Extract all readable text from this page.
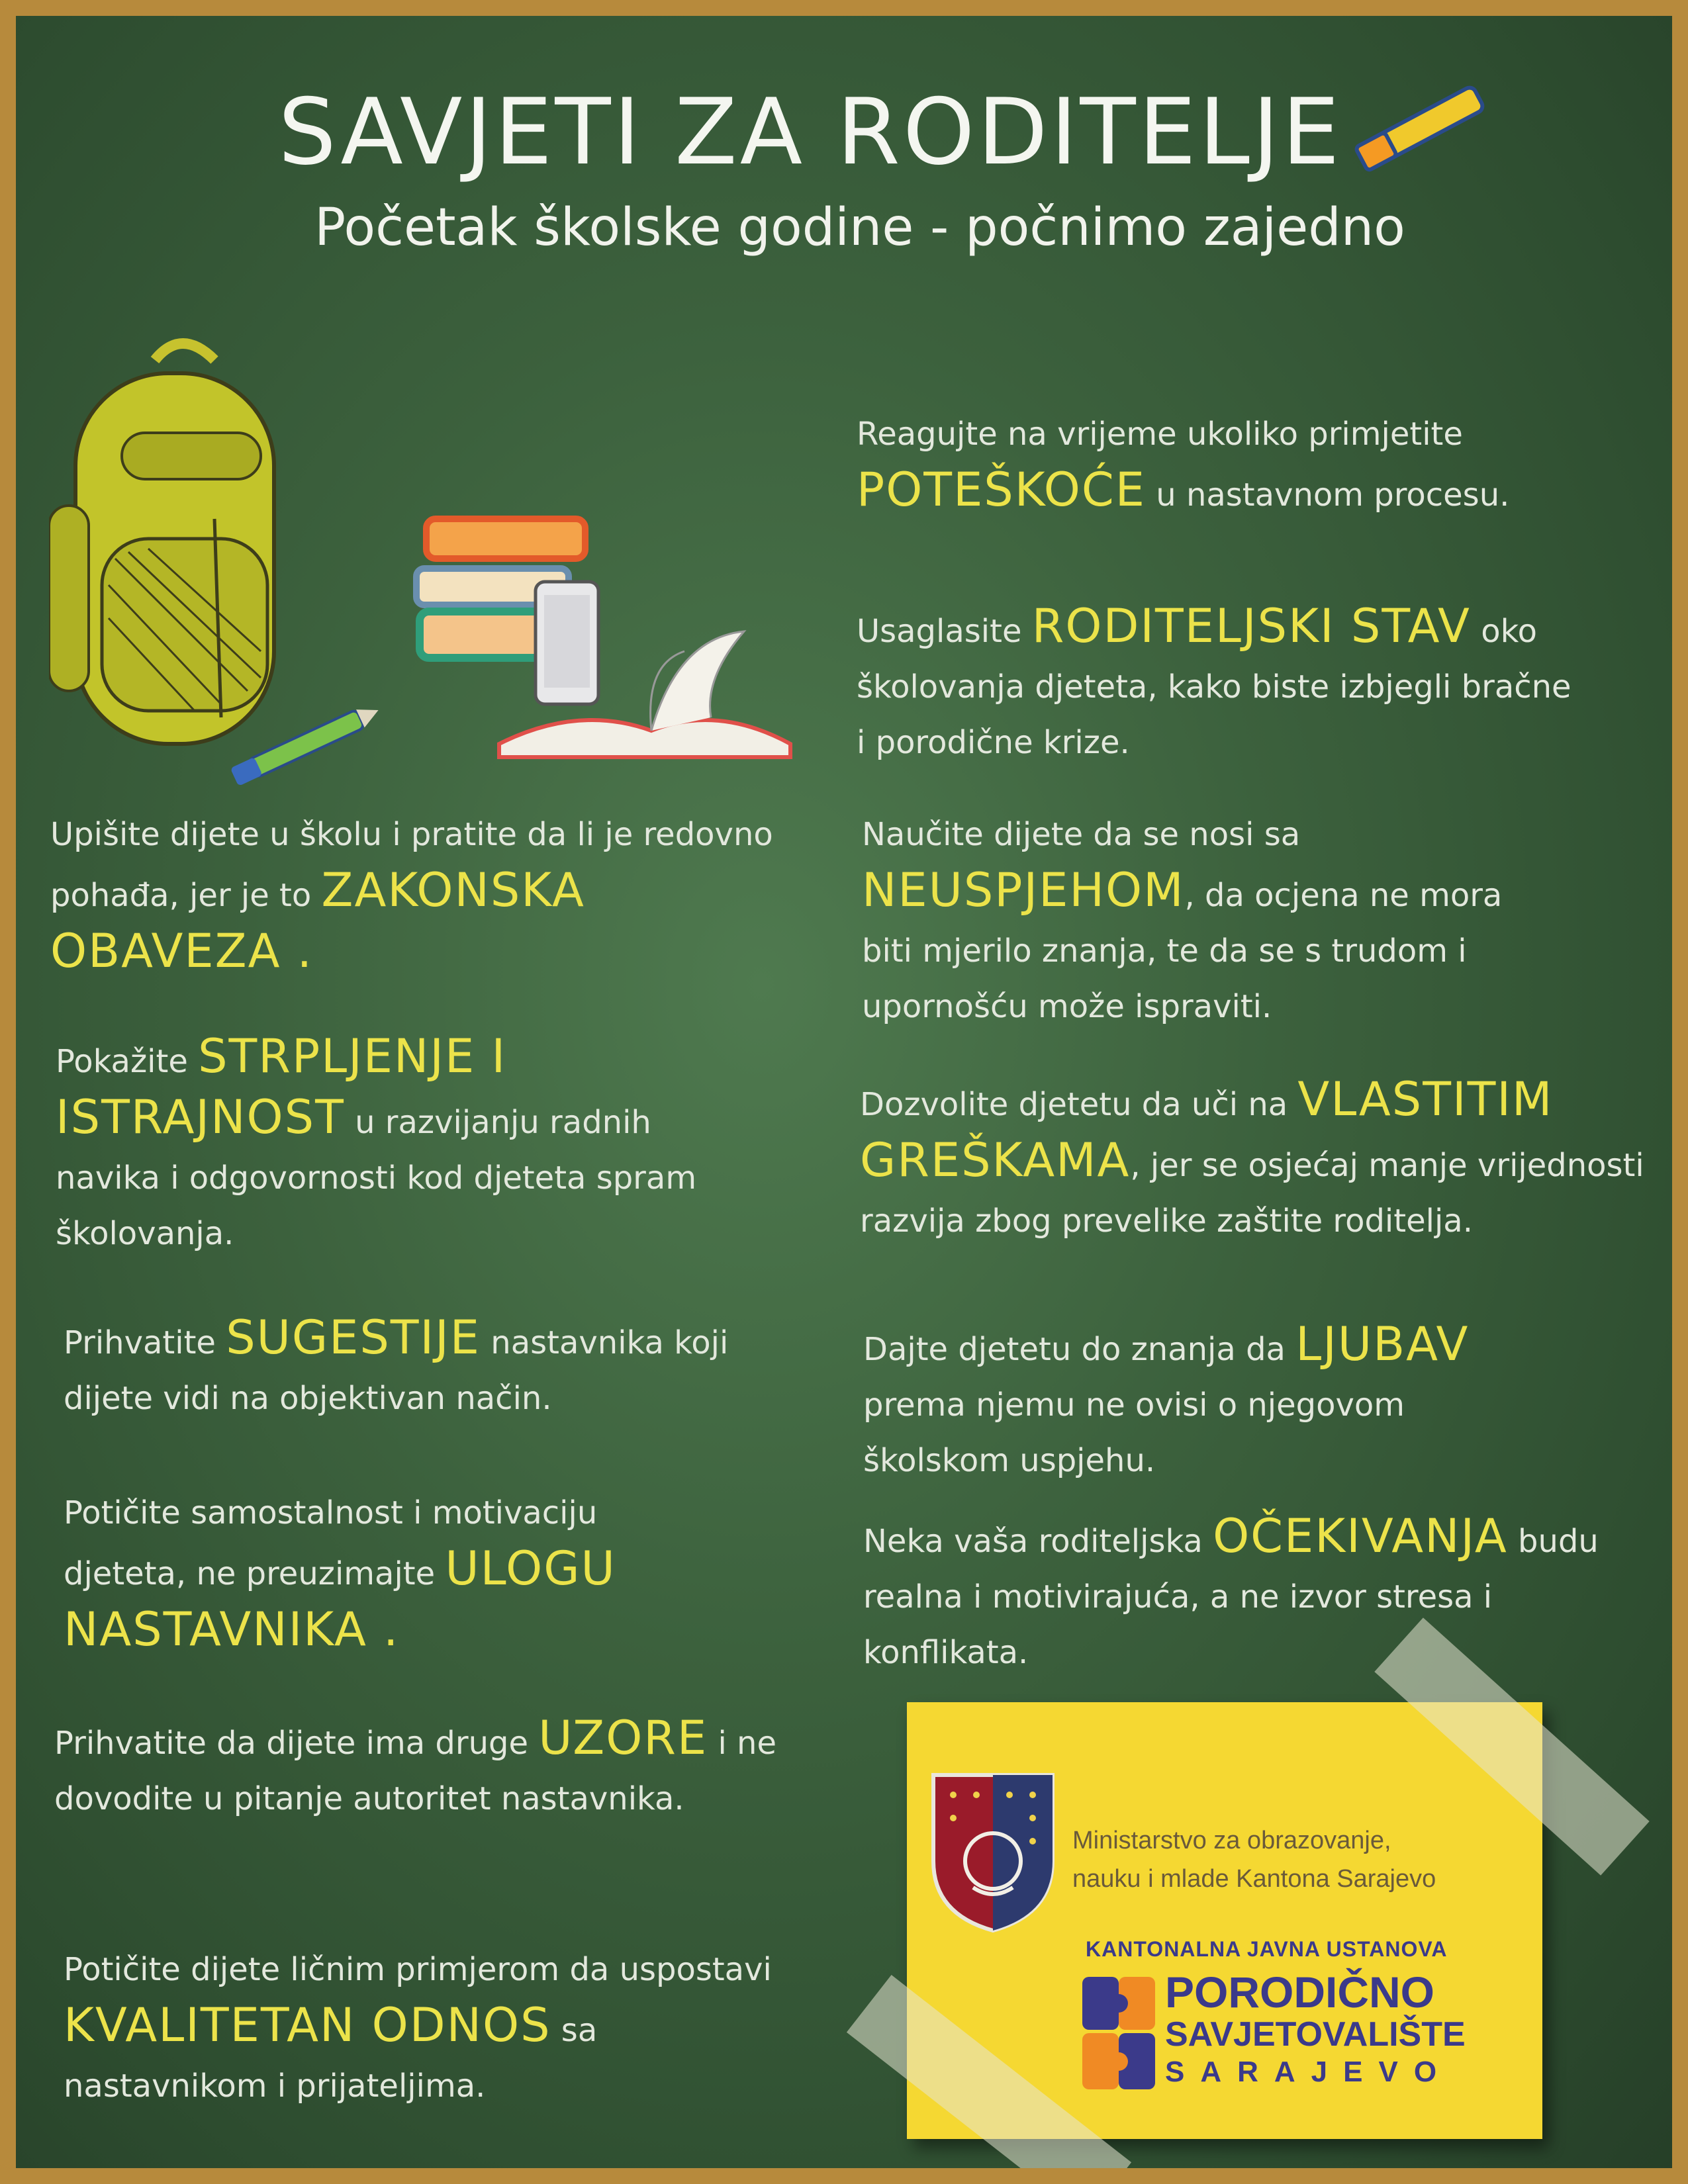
SAVJETI ZA RODITELJE
Početak školske godine - počnimo zajedno
Upišite dijete u školu i pratite da li je redovno pohađa, jer je to ZAKONSKA OBAVEZA .
Pokažite STRPLJENJE I ISTRAJNOST u razvijanju radnih navika i odgovornosti kod djeteta spram školovanja.
Prihvatite SUGESTIJE nastavnika koji dijete vidi na objektivan način.
Potičite samostalnost i motivaciju djeteta, ne preuzimajte ULOGU NASTAVNIKA .
Prihvatite da dijete ima druge UZORE i ne dovodite u pitanje autoritet nastavnika.
Potičite dijete ličnim primjerom da uspostavi KVALITETAN ODNOS sa nastavnikom i prijateljima.
Reagujte na vrijeme ukoliko primjetite POTEŠKOĆE u nastavnom procesu.
Usaglasite RODITELJSKI STAV oko školovanja djeteta, kako biste izbjegli bračne i porodične krize.
Naučite dijete da se nosi sa NEUSPJEHOM, da ocjena ne mora biti mjerilo znanja, te da se s trudom i upornošću može ispraviti.
Dozvolite djetetu da uči na VLASTITIM GREŠKAMA, jer se osjećaj manje vrijednosti razvija zbog prevelike zaštite roditelja.
Dajte djetetu do znanja da LJUBAV prema njemu ne ovisi o njegovom školskom uspjehu.
Neka vaša roditeljska OČEKIVANJA budu realna i motivirajuća, a ne izvor stresa i konflikata.
Ministarstvo za obrazovanje,
nauku i mlade Kantona Sarajevo
KANTONALNA JAVNA USTANOVA
PORODIČNO
SAVJETOVALIŠTE
SARAJEVO
